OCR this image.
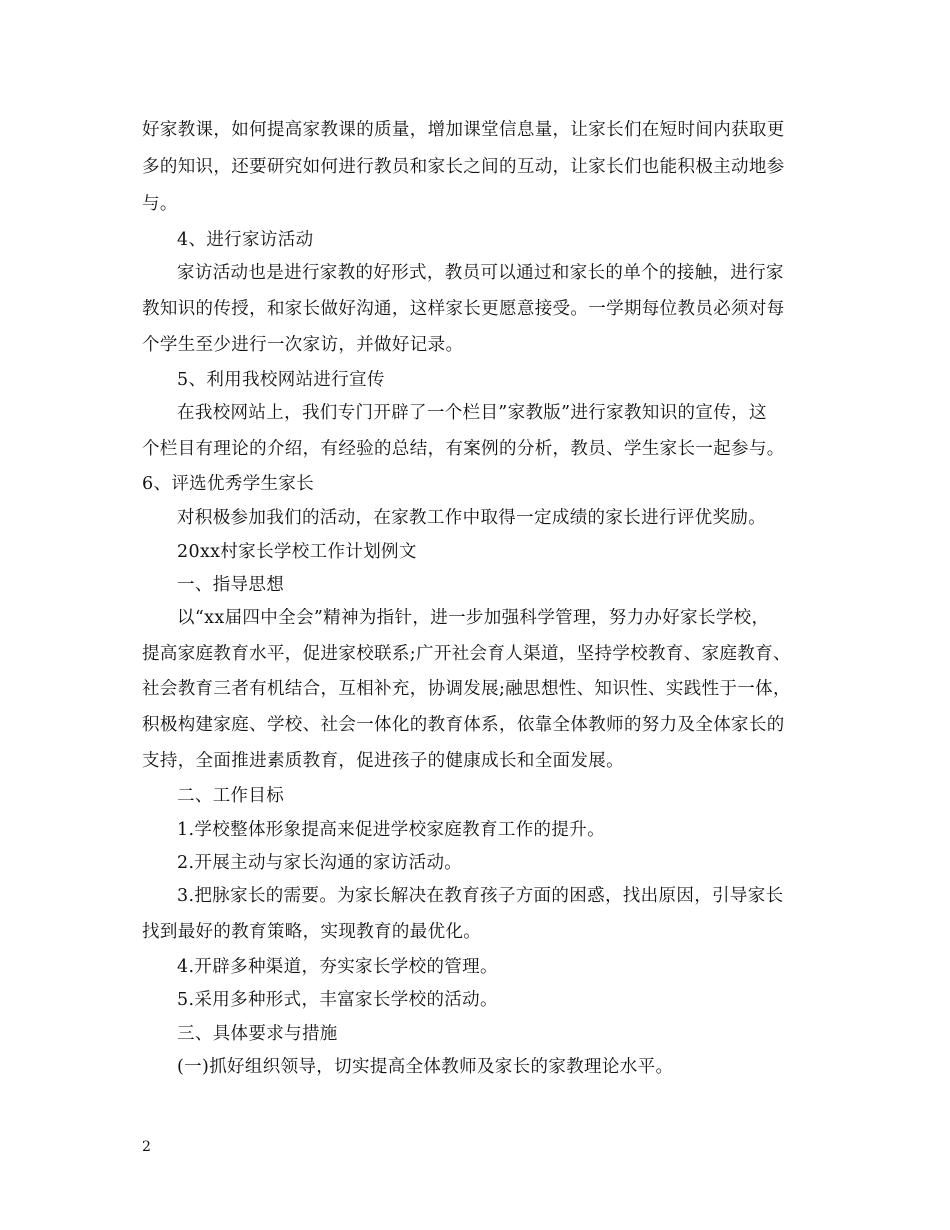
好家教课，如何提高家教课的质量，增加课堂信息量，让家长们在短时间内获取更
多的知识，还要研究如何进行教员和家长之间的互动，让家长们也能积极主动地参
与。
4、进行家访活动
家访活动也是进行家教的好形式，教员可以通过和家长的单个的接触，进行家
教知识的传授，和家长做好沟通，这样家长更愿意接受。一学期每位教员必须对每
个学生至少进行一次家访，并做好记录。
5、利用我校网站进行宣传
在我校网站上，我们专门开辟了一个栏目”家教版”进行家教知识的宣传，这
个栏目有理论的介绍，有经验的总结，有案例的分析，教员、学生家长一起参与。
6、评选优秀学生家长
对积极参加我们的活动，在家教工作中取得一定成绩的家长进行评优奖励。
20xx村家长学校工作计划例文
一、指导思想
以“xx届四中全会”精神为指针，进一步加强科学管理，努力办好家长学校，
提高家庭教育水平，促进家校联系;广开社会育人渠道，坚持学校教育、家庭教育、
社会教育三者有机结合，互相补充，协调发展;融思想性、知识性、实践性于一体，
积极构建家庭、学校、社会一体化的教育体系，依靠全体教师的努力及全体家长的
支持，全面推进素质教育，促进孩子的健康成长和全面发展。
二、工作目标
1.学校整体形象提高来促进学校家庭教育工作的提升。
2.开展主动与家长沟通的家访活动。
3.把脉家长的需要。为家长解决在教育孩子方面的困惑，找出原因，引导家长
找到最好的教育策略，实现教育的最优化。
4.开辟多种渠道，夯实家长学校的管理。
5.采用多种形式，丰富家长学校的活动。
三、具体要求与措施
(一)抓好组织领导，切实提高全体教师及家长的家教理论水平。
2
